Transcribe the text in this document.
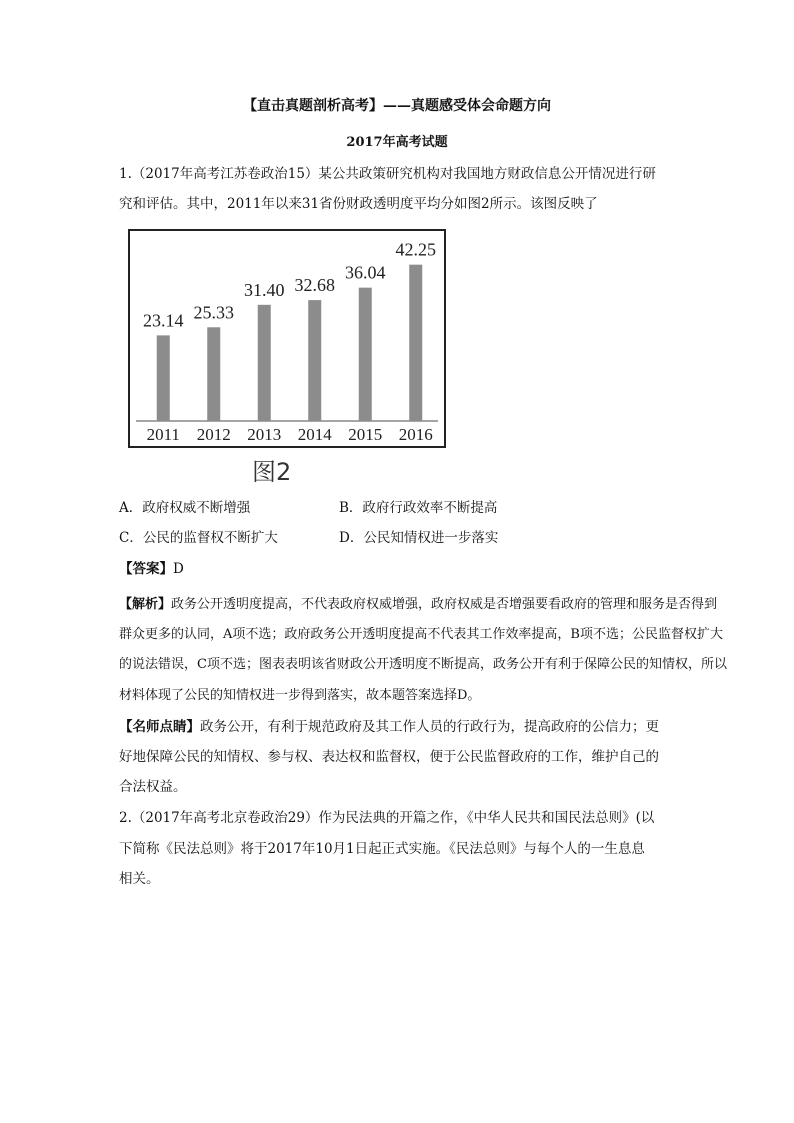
【直击真题剖析高考】——真题感受体会命题方向
2017年高考试题
1.（2017年高考江苏卷政治15）某公共政策研究机构对我国地方财政信息公开情况进行研
究和评估。其中，2011年以来31省份财政透明度平均分如图2所示。该图反映了
23.14
2011
25.33
2012
31.40
2013
32.68
2014
36.04
2015
42.25
2016
图2
A．政府权威不断增强	B．政府行政效率不断提高
C．公民的监督权不断扩大	D．公民知情权进一步落实
【答案】D
【解析】政务公开透明度提高，不代表政府权威增强，政府权威是否增强要看政府的管理和服务是否得到
群众更多的认同，A项不选；政府政务公开透明度提高不代表其工作效率提高，B项不选；公民监督权扩大
的说法错误，C项不选；图表表明该省财政公开透明度不断提高，政务公开有利于保障公民的知情权，所以
材料体现了公民的知情权进一步得到落实，故本题答案选择D。
【名师点睛】政务公开，有利于规范政府及其工作人员的行政行为，提高政府的公信力；更
好地保障公民的知情权、参与权、表达权和监督权，便于公民监督政府的工作，维护自己的
合法权益。
2.（2017年高考北京卷政治29）作为民法典的开篇之作，《中华人民共和国民法总则》(以
下简称《民法总则》将于2017年10月1日起正式实施。《民法总则》与每个人的一生息息
相关。
